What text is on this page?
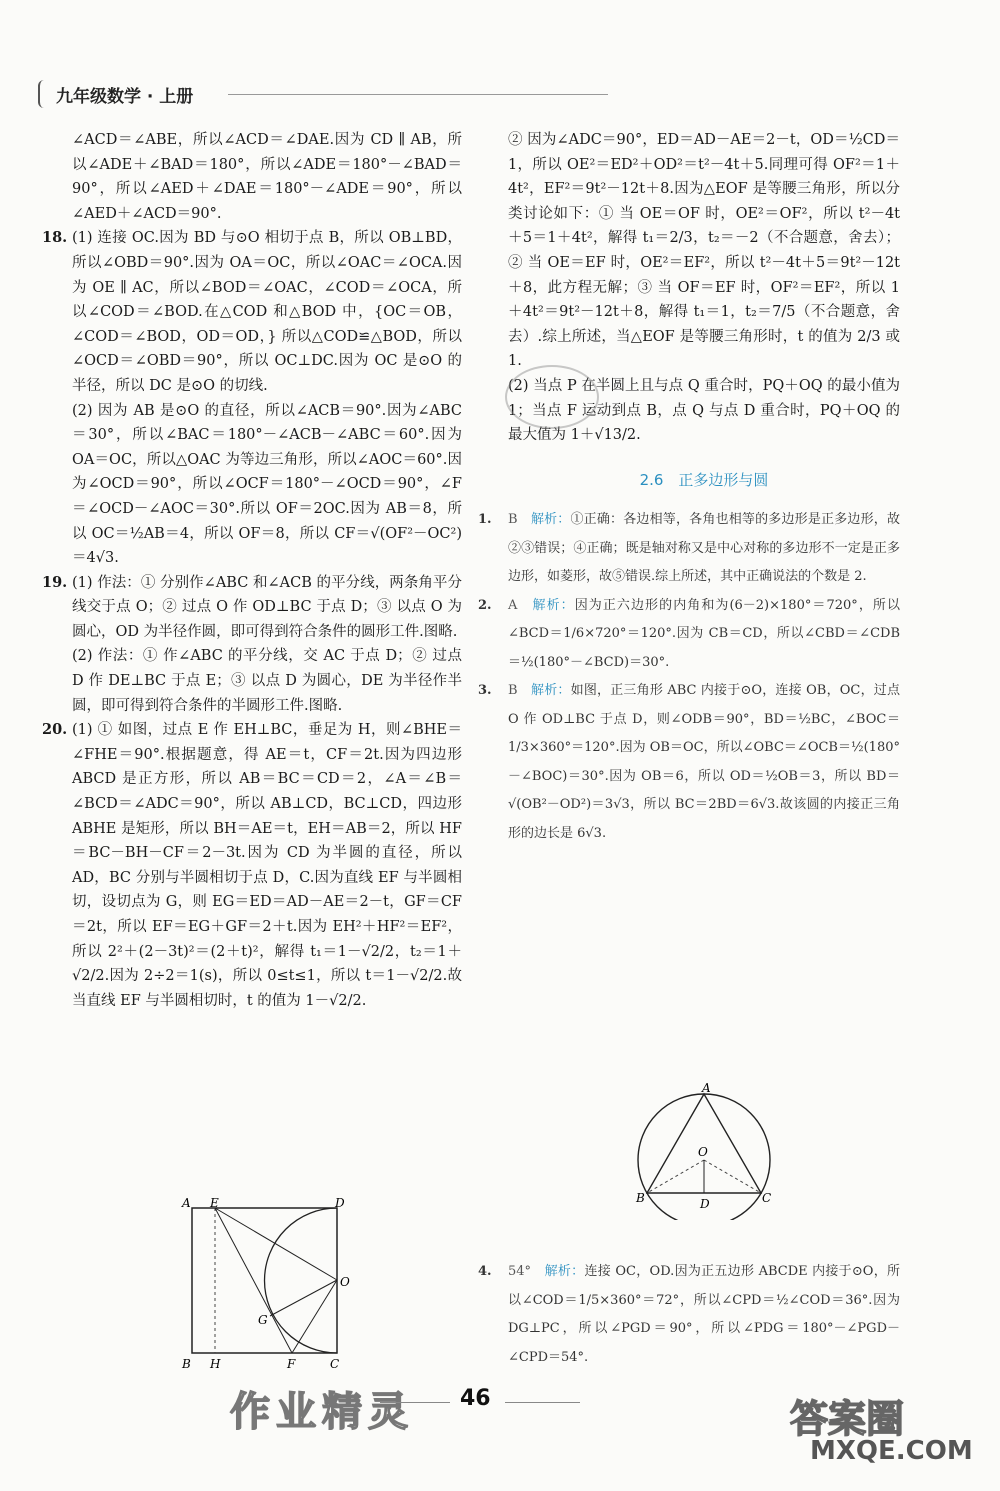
九年级数学 · 上册

∠ACD＝∠ABE，所以∠ACD＝∠DAE.因为 CD ∥ AB，所以∠ADE＋∠BAD＝180°，所以∠ADE＝180°－∠BAD＝90°，所以∠AED＋∠DAE＝180°－∠ADE＝90°，所以∠AED＋∠ACD＝90°.

18. (1) 连接 OC.因为 BD 与⊙O 相切于点 B，所以 OB⊥BD，所以∠OBD＝90°.因为 OA＝OC，所以∠OAC＝∠OCA.因为 OE ∥ AC，所以∠BOD＝∠OAC，∠COD＝∠OCA，所以∠COD＝∠BOD.在△COD 和△BOD 中，{OC＝OB，∠COD＝∠BOD，OD＝OD，} 所以△COD≌△BOD，所以∠OCD＝∠OBD＝90°，所以 OC⊥DC.因为 OC 是⊙O 的半径，所以 DC 是⊙O 的切线.
(2) 因为 AB 是⊙O 的直径，所以∠ACB＝90°.因为∠ABC＝30°，所以∠BAC＝180°－∠ACB－∠ABC＝60°.因为 OA＝OC，所以△OAC 为等边三角形，所以∠AOC＝60°.因为∠OCD＝90°，所以∠OCF＝180°－∠OCD＝90°，∠F＝∠OCD－∠AOC＝30°.所以 OF＝2OC.因为 AB＝8，所以 OC＝½AB＝4，所以 OF＝8，所以 CF＝√(OF²－OC²)＝4√3.

19. (1) 作法：① 分别作∠ABC 和∠ACB 的平分线，两条角平分线交于点 O；② 过点 O 作 OD⊥BC 于点 D；③ 以点 O 为圆心，OD 为半径作圆，即可得到符合条件的圆形工件.图略.
(2) 作法：① 作∠ABC 的平分线，交 AC 于点 D；② 过点 D 作 DE⊥BC 于点 E；③ 以点 D 为圆心，DE 为半径作半圆，即可得到符合条件的半圆形工件.图略.

20. (1) ① 如图，过点 E 作 EH⊥BC，垂足为 H，则∠BHE＝∠FHE＝90°.根据题意，得 AE＝t，CF＝2t.因为四边形 ABCD 是正方形，所以 AB＝BC＝CD＝2，∠A＝∠B＝∠BCD＝∠ADC＝90°，所以 AB⊥CD，BC⊥CD，四边形 ABHE 是矩形，所以 BH＝AE＝t，EH＝AB＝2，所以 HF＝BC－BH－CF＝2－3t.因为 CD 为半圆的直径，所以 AD，BC 分别与半圆相切于点 D，C.因为直线 EF 与半圆相切，设切点为 G，则 EG＝ED＝AD－AE＝2－t，GF＝CF＝2t，所以 EF＝EG＋GF＝2＋t.因为 EH²＋HF²＝EF²，所以 2²＋(2－3t)²＝(2＋t)²，解得 t₁＝1－√2/2，t₂＝1＋√2/2.因为 2÷2＝1(s)，所以 0≤t≤1，所以 t＝1－√2/2.故当直线 EF 与半圆相切时，t 的值为 1－√2/2.

② 因为∠ADC＝90°，ED＝AD－AE＝2－t，OD＝½CD＝1，所以 OE²＝ED²＋OD²＝t²－4t＋5.同理可得 OF²＝1＋4t²，EF²＝9t²－12t＋8.因为△EOF 是等腰三角形，所以分类讨论如下：① 当 OE＝OF 时，OE²＝OF²，所以 t²－4t＋5＝1＋4t²，解得 t₁＝2/3，t₂＝－2（不合题意，舍去）；② 当 OE＝EF 时，OE²＝EF²，所以 t²－4t＋5＝9t²－12t＋8，此方程无解；③ 当 OF＝EF 时，OF²＝EF²，所以 1＋4t²＝9t²－12t＋8，解得 t₁＝1，t₂＝7/5（不合题意，舍去）.综上所述，当△EOF 是等腰三角形时，t 的值为 2/3 或 1.
(2) 当点 P 在半圆上且与点 Q 重合时，PQ＋OQ 的最小值为 1；当点 F 运动到点 B，点 Q 与点 D 重合时，PQ＋OQ 的最大值为 1＋√13/2.

2.6　正多边形与圆

1. B　 解析：①正确：各边相等，各角也相等的多边形是正多边形，故②③错误；④正确；既是轴对称又是中心对称的多边形不一定是正多边形，如菱形，故⑤错误.综上所述，其中正确说法的个数是 2.

2. A　 解析：因为正六边形的内角和为(6－2)×180°＝720°，所以∠BCD＝1/6×720°＝120°.因为 CB＝CD，所以∠CBD＝∠CDB＝½(180°－∠BCD)＝30°.

3. B　 解析：如图，正三角形 ABC 内接于⊙O，连接 OB，OC，过点 O 作 OD⊥BC 于点 D，则∠ODB＝90°，BD＝½BC，∠BOC＝1/3×360°＝120°.因为 OB＝OC，所以∠OBC＝∠OCB＝½(180°－∠BOC)＝30°.因为 OB＝6，所以 OD＝½OB＝3，所以 BD＝√(OB²－OD²)＝3√3，所以 BC＝2BD＝6√3.故该圆的内接正三角形的边长是 6√3.

4. 54°　 解析：连接 OC，OD.因为正五边形 ABCDE 内接于⊙O，所以∠COD＝1/5×360°＝72°，所以∠CPD＝½∠COD＝36°.因为 DG⊥PC，所以∠PGD＝90°，所以∠PDG＝180°－∠PGD－∠CPD＝54°.

A E	D
O
G
B H	F	C
A
O
B	D	C
作业精灵 46	答案圈
MXQE.COM
